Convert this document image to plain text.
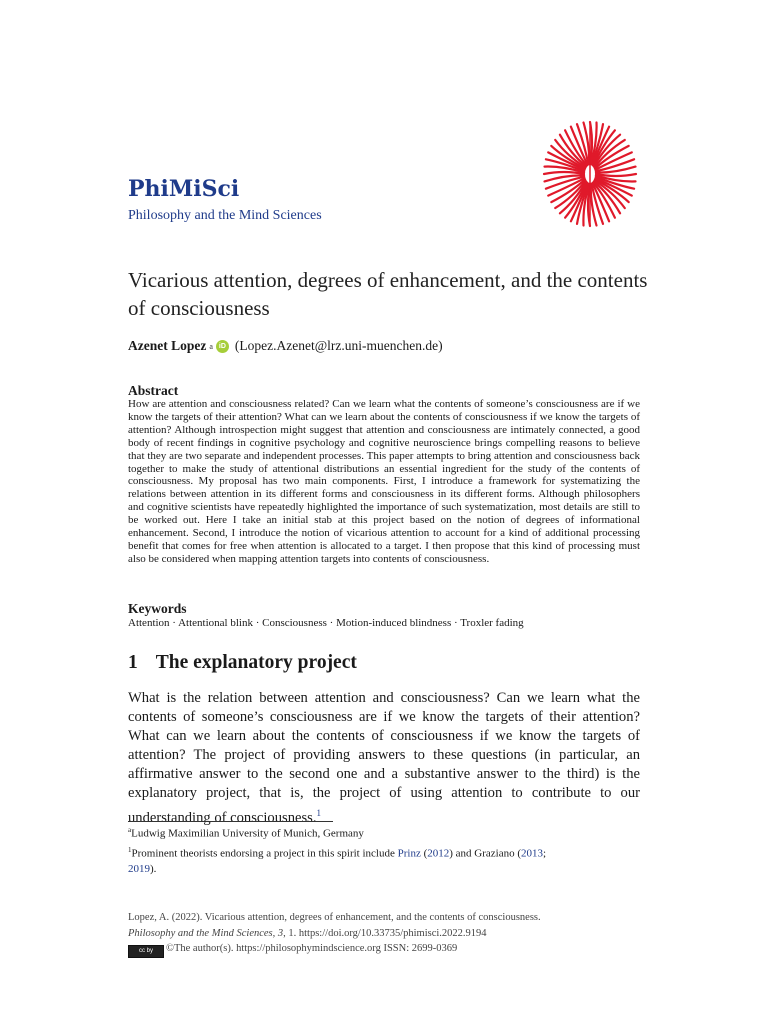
PhiMiSci
Philosophy and the Mind Sciences
Vicarious attention, degrees of enhancement, and the contents of consciousness
Azenet Lopez a iD (Lopez.Azenet@lrz.uni-muenchen.de)
Abstract
How are attention and consciousness related? Can we learn what the contents of someone’s consciousness are if we know the targets of their attention? What can we learn about the contents of consciousness if we know the targets of attention? Although introspection might suggest that attention and consciousness are intimately connected, a good body of recent findings in cognitive psychology and cognitive neuroscience brings compelling reasons to believe that they are two separate and independent processes. This paper attempts to bring attention and consciousness back together to make the study of attentional distributions an essential ingredient for the study of the contents of consciousness. My proposal has two main components. First, I introduce a framework for systematizing the relations between attention in its different forms and consciousness in its different forms. Although philosophers and cognitive scientists have repeatedly highlighted the importance of such systematization, most details are still to be worked out. Here I take an initial stab at this project based on the notion of degrees of informational enhancement. Second, I introduce the notion of vicarious attention to account for a kind of additional processing benefit that comes for free when attention is allocated to a target. I then propose that this kind of processing must also be considered when mapping attention targets into contents of consciousness.
Keywords
Attention · Attentional blink · Consciousness · Motion-induced blindness · Troxler fading
1 The explanatory project
What is the relation between attention and consciousness? Can we learn what the contents of someone’s consciousness are if we know the targets of their attention? What can we learn about the contents of consciousness if we know the targets of attention? The project of providing answers to these questions (in particular, an affirmative answer to the second one and a substantive answer to the third) is the explanatory project, that is, the project of using attention to contribute to our understanding of consciousness.$^1$
$^a$Ludwig Maximilian University of Munich, Germany
$^1$Prominent theorists endorsing a project in this spirit include Prinz (2012) and Graziano (2013;
2019).
Lopez, A. (2022). Vicarious attention, degrees of enhancement, and the contents of consciousness.
Philosophy and the Mind Sciences, 3, 1. https://doi.org/10.33735/phimisci.2022.9194
cc by ©The author(s). https://philosophymindscience.org ISSN: 2699-0369
